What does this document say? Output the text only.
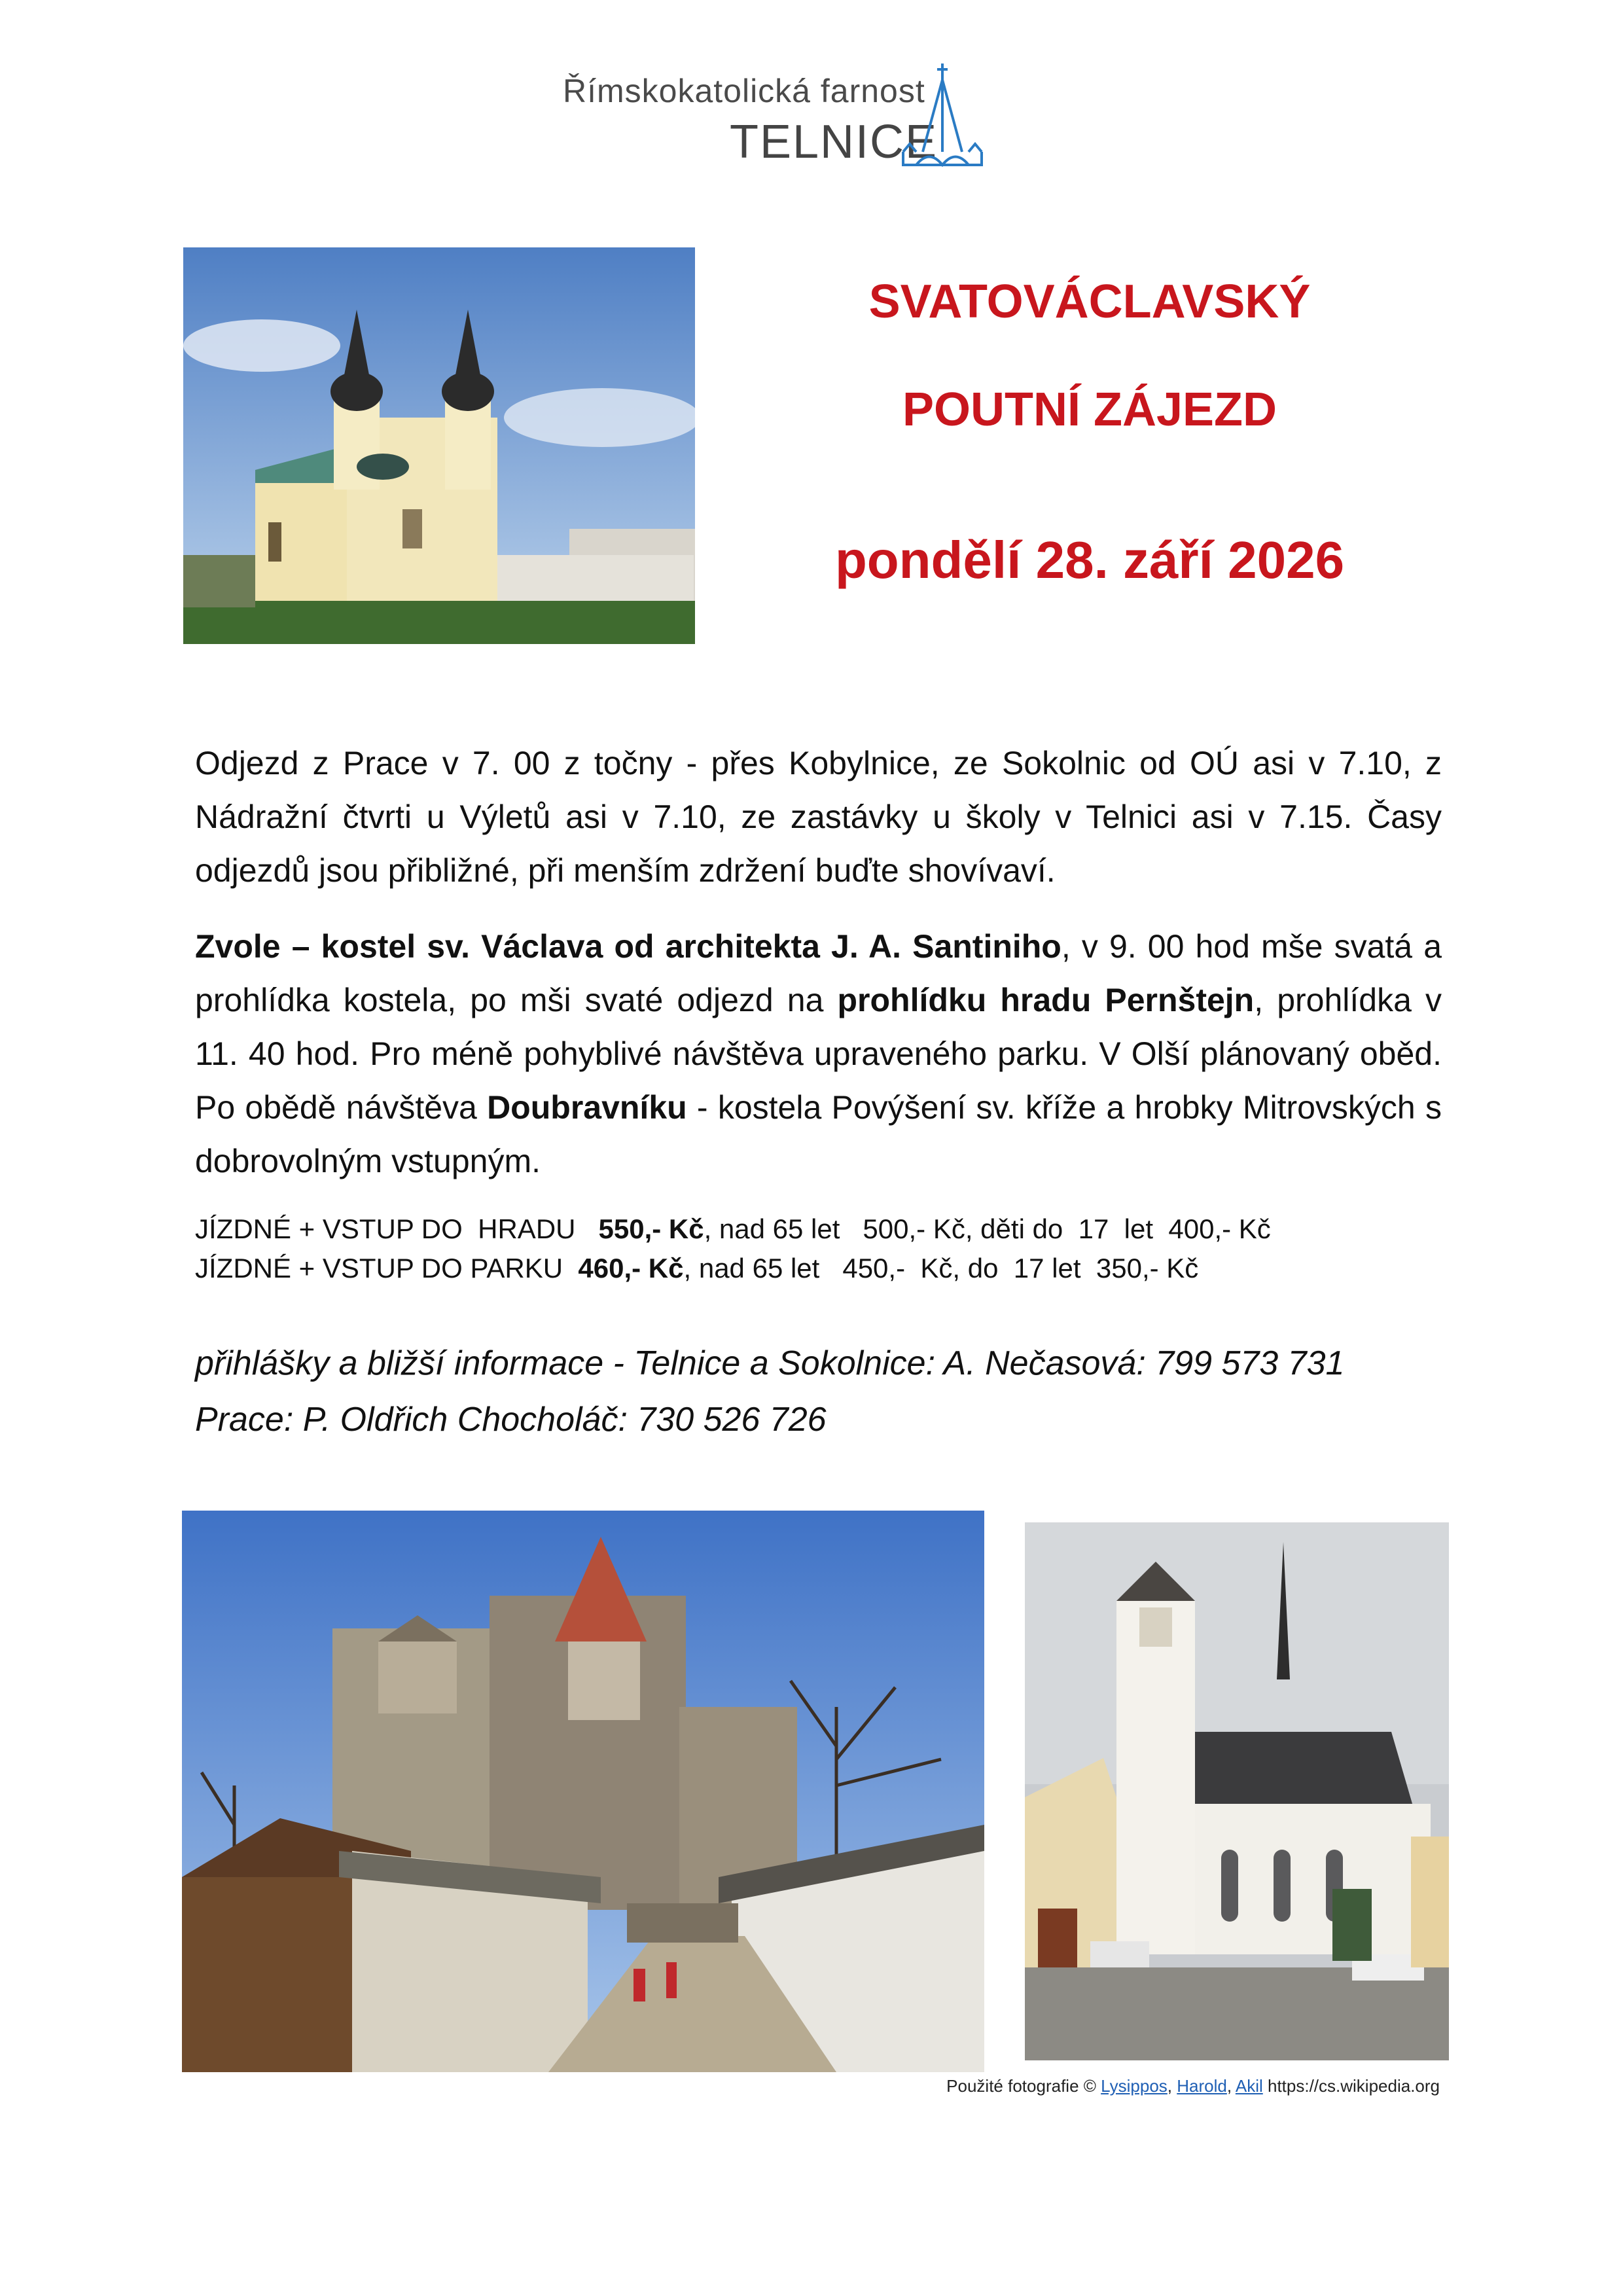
Římskokatolická farnost
TELNICE
SVATOVÁCLAVSKÝ
POUTNÍ ZÁJEZD
pondělí 28. září 2026
Odjezd z Prace v 7. 00 z točny - přes Kobylnice, ze Sokolnic od OÚ asi v 7.10, z Nádražní čtvrti u Výletů asi v 7.10, ze zastávky u školy v Telnici asi v 7.15. Časy odjezdů jsou přibližné, při menším zdržení buďte shovívaví.
Zvole – kostel sv. Václava od architekta J. A. Santiniho, v 9. 00 hod mše svatá a prohlídka kostela, po mši svaté odjezd na prohlídku hradu Pernštejn, prohlídka v 11. 40 hod. Pro méně pohyblivé návštěva upraveného parku. V Olší plánovaný oběd. Po obědě návštěva Doubravníku - kostela Povýšení sv. kříže a hrobky Mitrovských s dobrovolným vstupným.
JÍZDNÉ + VSTUP DO  HRADU   550,- Kč, nad 65 let   500,- Kč, děti do  17  let  400,- Kč
JÍZDNÉ + VSTUP DO PARKU  460,- Kč, nad 65 let   450,-  Kč, do  17 let  350,- Kč
přihlášky a bližší informace - Telnice a Sokolnice: A. Nečasová: 799 573 731
Prace: P. Oldřich Chocholáč: 730 526 726
Použité fotografie © Lysippos, Harold, Akil https://cs.wikipedia.org
